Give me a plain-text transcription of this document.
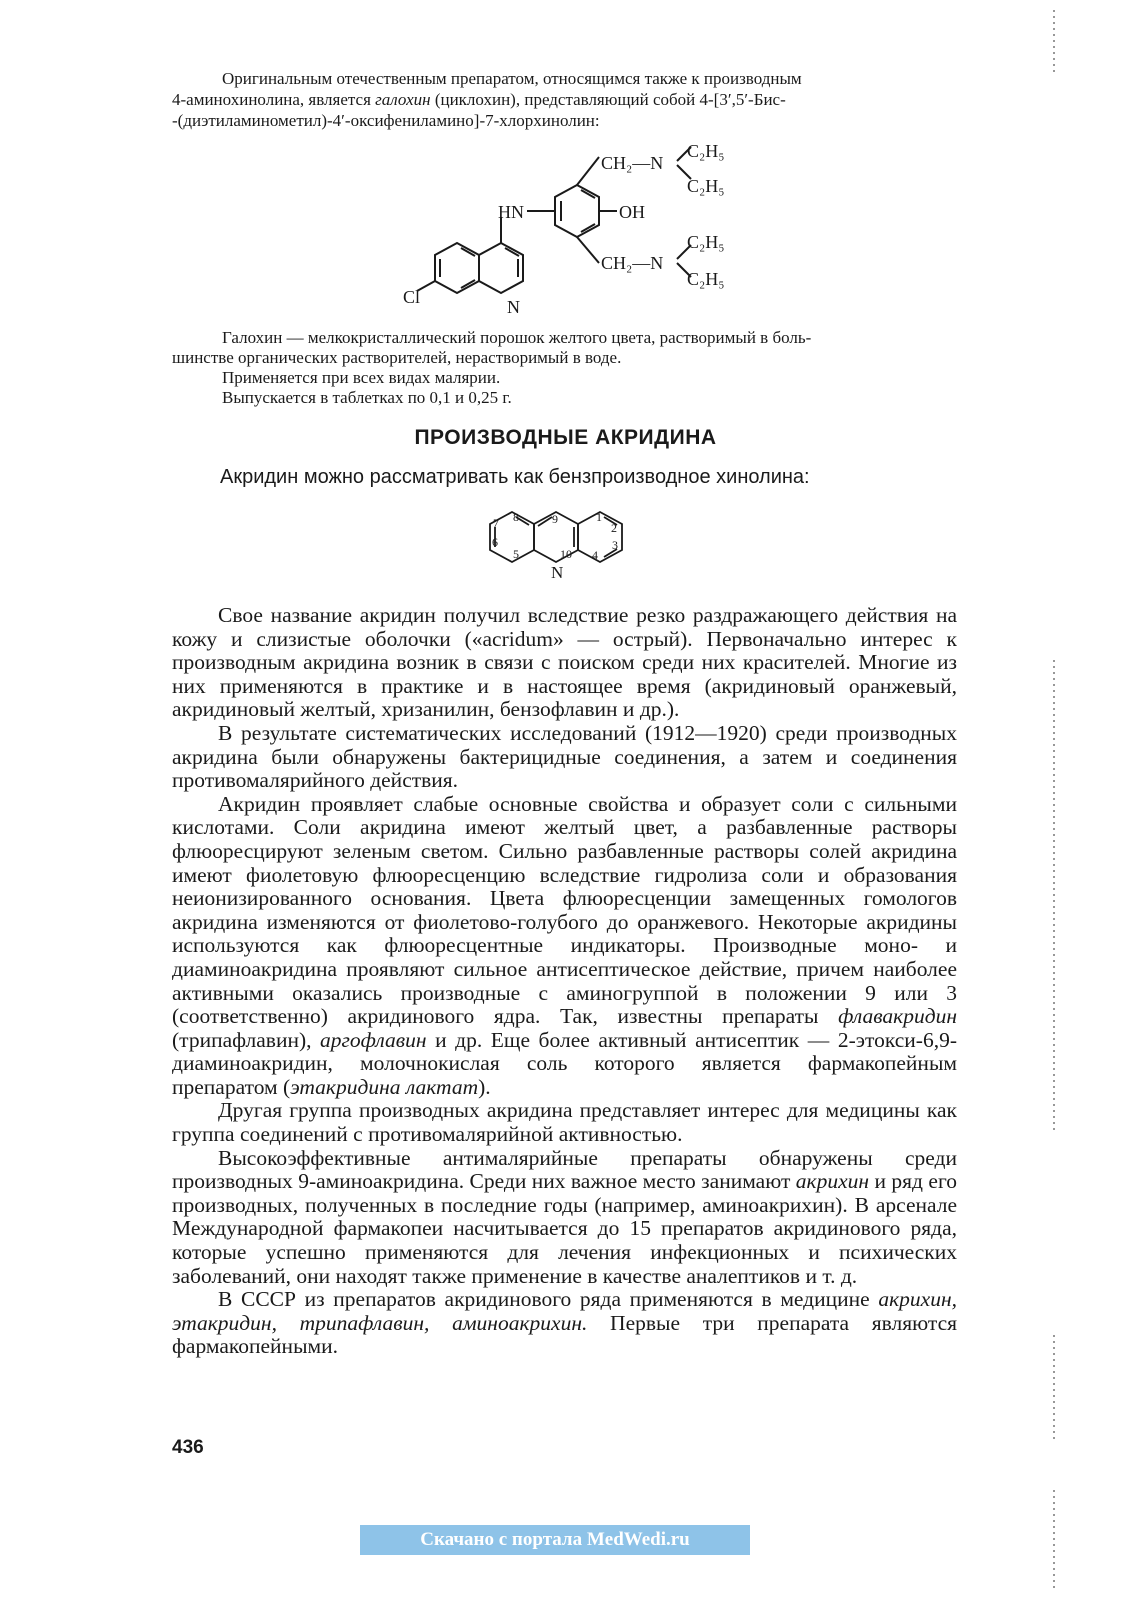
Оригинальным отечественным препаратом, относящимся также к производным

4-аминохинолина, является галохин (циклохин), представляющий собой 4-[3′,5′-Бис-

-(диэтиламинометил)-4′-оксифениламино]-7-хлорхинолин:

CH₂—N
C₂H₅
C₂H₅
HN	OH
CH₂—N
C₂H₅
C₂H₅
Cl	N

Галохин — мелкокристаллический порошок желтого цвета, растворимый в боль-

шинстве органических растворителей, нерастворимый в воде.

Применяется при всех видах малярии.

Выпускается в таблетках по 0,1 и 0,25 г.

ПРОИЗВОДНЫЕ АКРИДИНА
Акридин можно рассматривать как бензпроизводное хинолина:
7 8	9	1
2
3
4
5
6
10
N

Свое название акридин получил вследствие резко раздражающего действия на кожу и слизистые оболочки («acridum» — острый). Первоначально интерес к производным акридина возник в связи с поиском среди них красителей. Многие из них применяются в практике и в настоящее время (акридиновый оранжевый, акридиновый желтый, хризанилин, бензофлавин и др.).

В результате систематических исследований (1912—1920) среди производных акридина были обнаружены бактерицидные соединения, а затем и соединения противомалярийного действия.

Акридин проявляет слабые основные свойства и образует соли с сильными кислотами. Соли акридина имеют желтый цвет, а разбавленные растворы флюоресцируют зеленым светом. Сильно разбавленные растворы солей акридина имеют фиолетовую флюоресценцию вследствие гидролиза соли и образования неионизированного основания. Цвета флюоресценции замещенных гомологов акридина изменяются от фиолетово-голубого до оранжевого. Некоторые акридины используются как флюоресцентные индикаторы. Производные моно- и диаминоакридина проявляют сильное антисептическое действие, причем наиболее активными оказались производные с аминогруппой в положении 9 или 3 (соответственно) акридинового ядра. Так, известны препараты флавакридин (трипафлавин), аргофлавин и др. Еще более активный антисептик — 2-этокси-6,9-диаминоакридин, молочнокислая соль которого является фармакопейным препаратом (этакридина лактат).

Другая группа производных акридина представляет интерес для медицины как группа соединений с противомалярийной активностью.

Высокоэффективные антималярийные препараты обнаружены среди производных 9-аминоакридина. Среди них важное место занимают акрихин и ряд его производных, полученных в последние годы (например, аминоакрихин). В арсенале Международной фармакопеи насчитывается до 15 препаратов акридинового ряда, которые успешно применяются для лечения инфекционных и психических заболеваний, они находят также применение в качестве аналептиков и т. д.

В СССР из препаратов акридинового ряда применяются в медицине акрихин, этакридин, трипафлавин, аминоакрихин. Первые три препарата являются фармакопейными.

436
Скачано с портала MedWedi.ru
